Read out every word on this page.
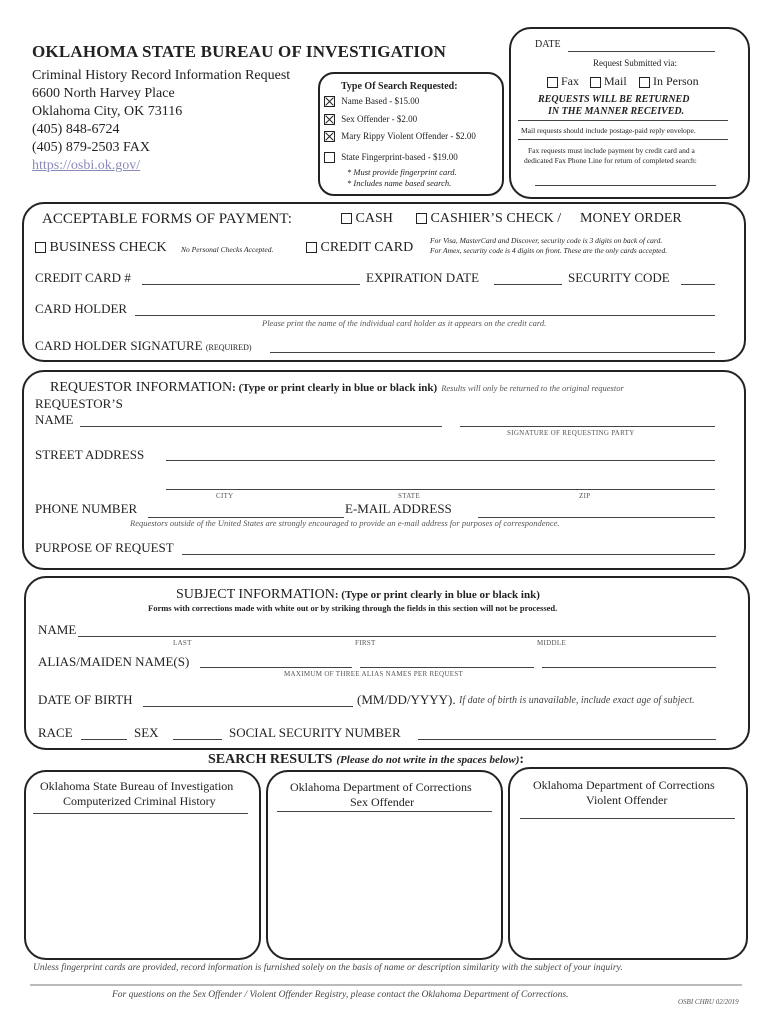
OKLAHOMA STATE BUREAU OF INVESTIGATION
Criminal History Record Information Request
6600 North Harvey Place
Oklahoma City, OK 73116
(405) 848-6724
(405) 879-2503 FAX
https://osbi.ok.gov/
Type Of Search Requested:
Name Based - $15.00
Sex Offender - $2.00
Mary Rippy Violent Offender - $2.00
State Fingerprint-based - $19.00
* Must provide fingerprint card.
* Includes name based search.
DATE
Request Submitted via:
Fax	Mail	In Person
REQUESTS WILL BE RETURNED
IN THE MANNER RECEIVED.
Mail requests should include postage-paid reply envelope.
Fax requests must include payment by credit card and a
dedicated Fax Phone Line for return of completed search:
ACCEPTABLE FORMS OF PAYMENT:	CASH	CASHIER’S CHECK / MONEY ORDER
BUSINESS CHECK No Personal Checks Accepted.	CREDIT CARD For Visa, MasterCard and Discover, security code is 3 digits on back of card.
For Amex, security code is 4 digits on front. These are the only cards accepted.
CREDIT CARD #	EXPIRATION DATE	SECURITY CODE
CARD HOLDER
Please print the name of the individual card holder as it appears on the credit card.
CARD HOLDER SIGNATURE (REQUIRED)
REQUESTOR INFORMATION: (Type or print clearly in blue or black ink) Results will only be returned to the original requestor
REQUESTOR’S
NAME
SIGNATURE OF REQUESTING PARTY
STREET ADDRESS
CITY	STATE	ZIP
PHONE NUMBER	E-MAIL ADDRESS
Requestors outside of the United States are strongly encouraged to provide an e-mail address for purposes of correspondence.
PURPOSE OF REQUEST
SUBJECT INFORMATION: (Type or print clearly in blue or black ink)
Forms with corrections made with white out or by striking through the fields in this section will not be processed.
NAME
LAST	FIRST	MIDDLE
ALIAS/MAIDEN NAME(S)
MAXIMUM OF THREE ALIAS NAMES PER REQUEST
DATE OF BIRTH	(MM/DD/YYYY). If date of birth is unavailable, include exact age of subject.
RACE	SEX	SOCIAL SECURITY NUMBER
SEARCH RESULTS (Please do not write in the spaces below):
Oklahoma State Bureau of Investigation
Computerized Criminal History
Oklahoma Department of Corrections
Sex Offender
Oklahoma Department of Corrections
Violent Offender
Unless fingerprint cards are provided, record information is furnished solely on the basis of name or description similarity with the subject of your inquiry.
For questions on the Sex Offender / Violent Offender Registry, please contact the Oklahoma Department of Corrections.
OSBI CHRU 02/2019
